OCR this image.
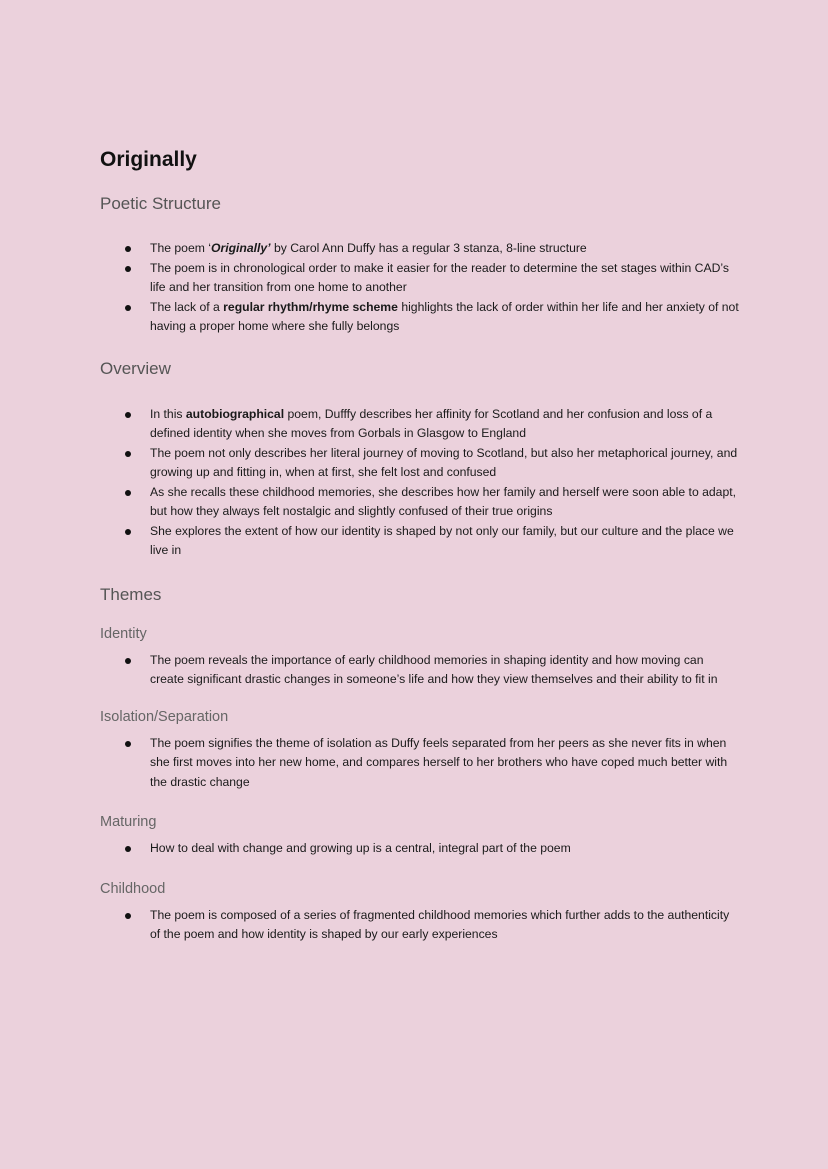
Originally
Poetic Structure
The poem ‘Originally’ by Carol Ann Duffy has a regular 3 stanza, 8-line structure
The poem is in chronological order to make it easier for the reader to determine the set stages within CAD’s life and her transition from one home to another
The lack of a regular rhythm/rhyme scheme highlights the lack of order within her life and her anxiety of not having a proper home where she fully belongs
Overview
In this autobiographical poem, Dufffy describes her affinity for Scotland and her confusion and loss of a defined identity when she moves from Gorbals in Glasgow to England
The poem not only describes her literal journey of moving to Scotland, but also her metaphorical journey, and growing up and fitting in, when at first, she felt lost and confused
As she recalls these childhood memories, she describes how her family and herself were soon able to adapt, but how they always felt nostalgic and slightly confused of their true origins
She explores the extent of how our identity is shaped by not only our family, but our culture and the place we live in
Themes
Identity
The poem reveals the importance of early childhood memories in shaping identity and how moving can create significant drastic changes in someone’s life and how they view themselves and their ability to fit in
Isolation/Separation
The poem signifies the theme of isolation as Duffy feels separated from her peers as she never fits in when she first moves into her new home, and compares herself to her brothers who have coped much better with the drastic change
Maturing
How to deal with change and growing up is a central, integral part of the poem
Childhood
The poem is composed of a series of fragmented childhood memories which further adds to the authenticity of the poem and how identity is shaped by our early experiences
